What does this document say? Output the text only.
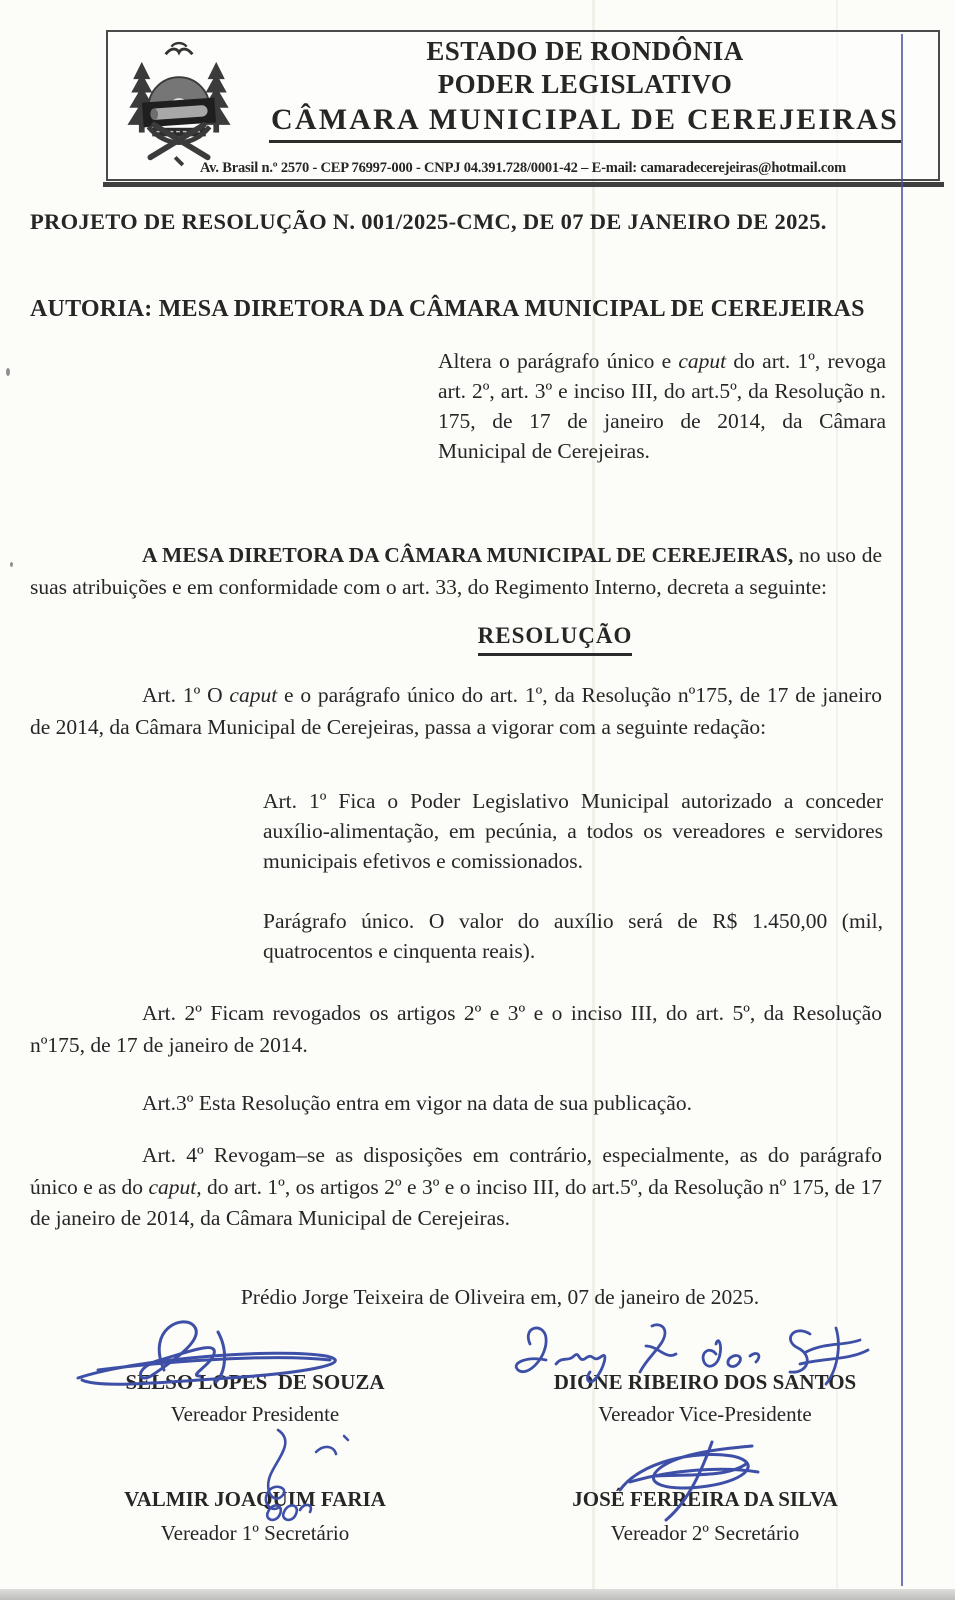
ESTADO DE RONDÔNIA
PODER LEGISLATIVO
CÂMARA MUNICIPAL DE CEREJEIRAS
Av. Brasil n.º 2570 - CEP 76997-000 - CNPJ 04.391.728/0001-42 – E-mail: camaradecerejeiras@hotmail.com
PROJETO DE RESOLUÇÃO N. 001/2025-CMC, DE 07 DE JANEIRO DE 2025.
AUTORIA: MESA DIRETORA DA CÂMARA MUNICIPAL DE CEREJEIRAS
Altera o parágrafo único e caput do art. 1º, revoga art. 2º, art. 3º e inciso III, do art.5º, da Resolução n. 175, de 17 de janeiro de 2014, da Câmara Municipal de Cerejeiras.
A MESA DIRETORA DA CÂMARA MUNICIPAL DE CEREJEIRAS, no uso de suas atribuições e em conformidade com o art. 33, do Regimento Interno, decreta a seguinte:
RESOLUÇÃO
Art. 1º O caput e o parágrafo único do art. 1º, da Resolução nº175, de 17 de janeiro de 2014, da Câmara Municipal de Cerejeiras, passa a vigorar com a seguinte redação:
Art. 1º Fica o Poder Legislativo Municipal autorizado a conceder auxílio-alimentação, em pecúnia, a todos os vereadores e servidores municipais efetivos e comissionados.
Parágrafo único. O valor do auxílio será de R$ 1.450,00 (mil, quatrocentos e cinquenta reais).
Art. 2º Ficam revogados os artigos 2º e 3º e o inciso III, do art. 5º, da Resolução nº175, de 17 de janeiro de 2014.
Art.3º Esta Resolução entra em vigor na data de sua publicação.
Art. 4º Revogam–se as disposições em contrário, especialmente, as do parágrafo único e as do caput, do art. 1º, os artigos 2º e 3º e o inciso III, do art.5º, da Resolução nº 175, de 17 de janeiro de 2014, da Câmara Municipal de Cerejeiras.
Prédio Jorge Teixeira de Oliveira em, 07 de janeiro de 2025.
SELSO LOPES  DE SOUZA
Vereador Presidente
DIONE RIBEIRO DOS SANTOS
Vereador Vice-Presidente
VALMIR JOAQUIM FARIA
Vereador 1º Secretário
JOSÉ FERREIRA DA SILVA
Vereador 2º Secretário
